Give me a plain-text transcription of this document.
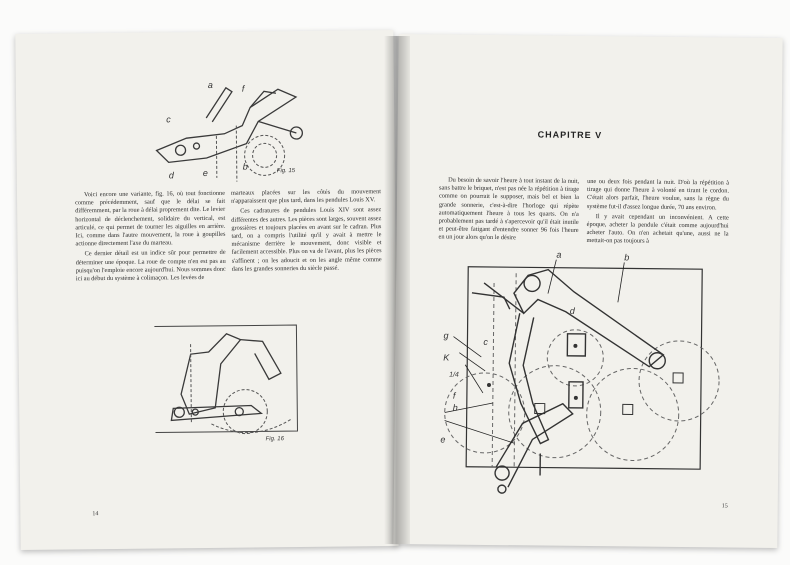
a	f
c
b
d	e	Fig. 15

Voici encore une variante, fig. 16, où tout fonctionne comme précédemment, sauf que le délai se fait différemment, par la roue à délai proprement dite. Le levier horizontal de déclenchement, solidaire du vertical, est articulé, ce qui permet de tourner les aiguilles en arrière. Ici, comme dans l'autre mouvement, la roue à goupilles actionne directement l'axe du marteau.

Ce dernier détail est un indice sûr pour permettre de déterminer une époque. La roue de compte n'en est pas au puisqu'on l'emploie encore aujourd'hui. Nous sommes donc ici au début du système à colimaçon. Les levées de

marteaux placées sur les côtés du mouvement n'apparaissent que plus tard, dans les pendules Louis XV.

Ces cadratures de pendules Louis XIV sont assez différentes des autres. Les pièces sont larges, souvent assez grossières et toujours placées en avant sur le cadran. Plus tard, on a compris l'utilité qu'il y avait à mettre le mécanisme derrière le mouvement, donc visible et facilement accessible. Plus on va de l'avant, plus les pièces s'affinent ; on les adoucit et on les angle même comme dans les grandes sonneries du siècle passé.

Fig. 16
14
CHAPITRE V

Du besoin de savoir l'heure à tout instant de la nuit, sans battre le briquet, n'est pas née la répétition à tirage comme on pourrait le supposer, mais bel et bien la grande sonnerie, c'est-à-dire l'horloge qui répète automatiquement l'heure à tous les quarts. On n'a probablement pas tardé à s'apercevoir qu'il était inutile et peut-être fatigant d'entendre sonner 96 fois l'heure en un jour alors qu'on le désire

une ou deux fois pendant la nuit. D'où la répétition à tirage qui donne l'heure à volonté en tirant le cordon. C'était alors parfait, l'heure voulue, sans la règne du système fut-il d'assez longue durée, 70 ans environ.

Il y avait cependant un inconvénient. A cette époque, acheter la pendule c'était comme aujourd'hui acheter l'auto. On n'en achetait qu'une, aussi ne la mettait-on pas toujours à

a	b
g
c
K
d
f
h
e
1/4
15
